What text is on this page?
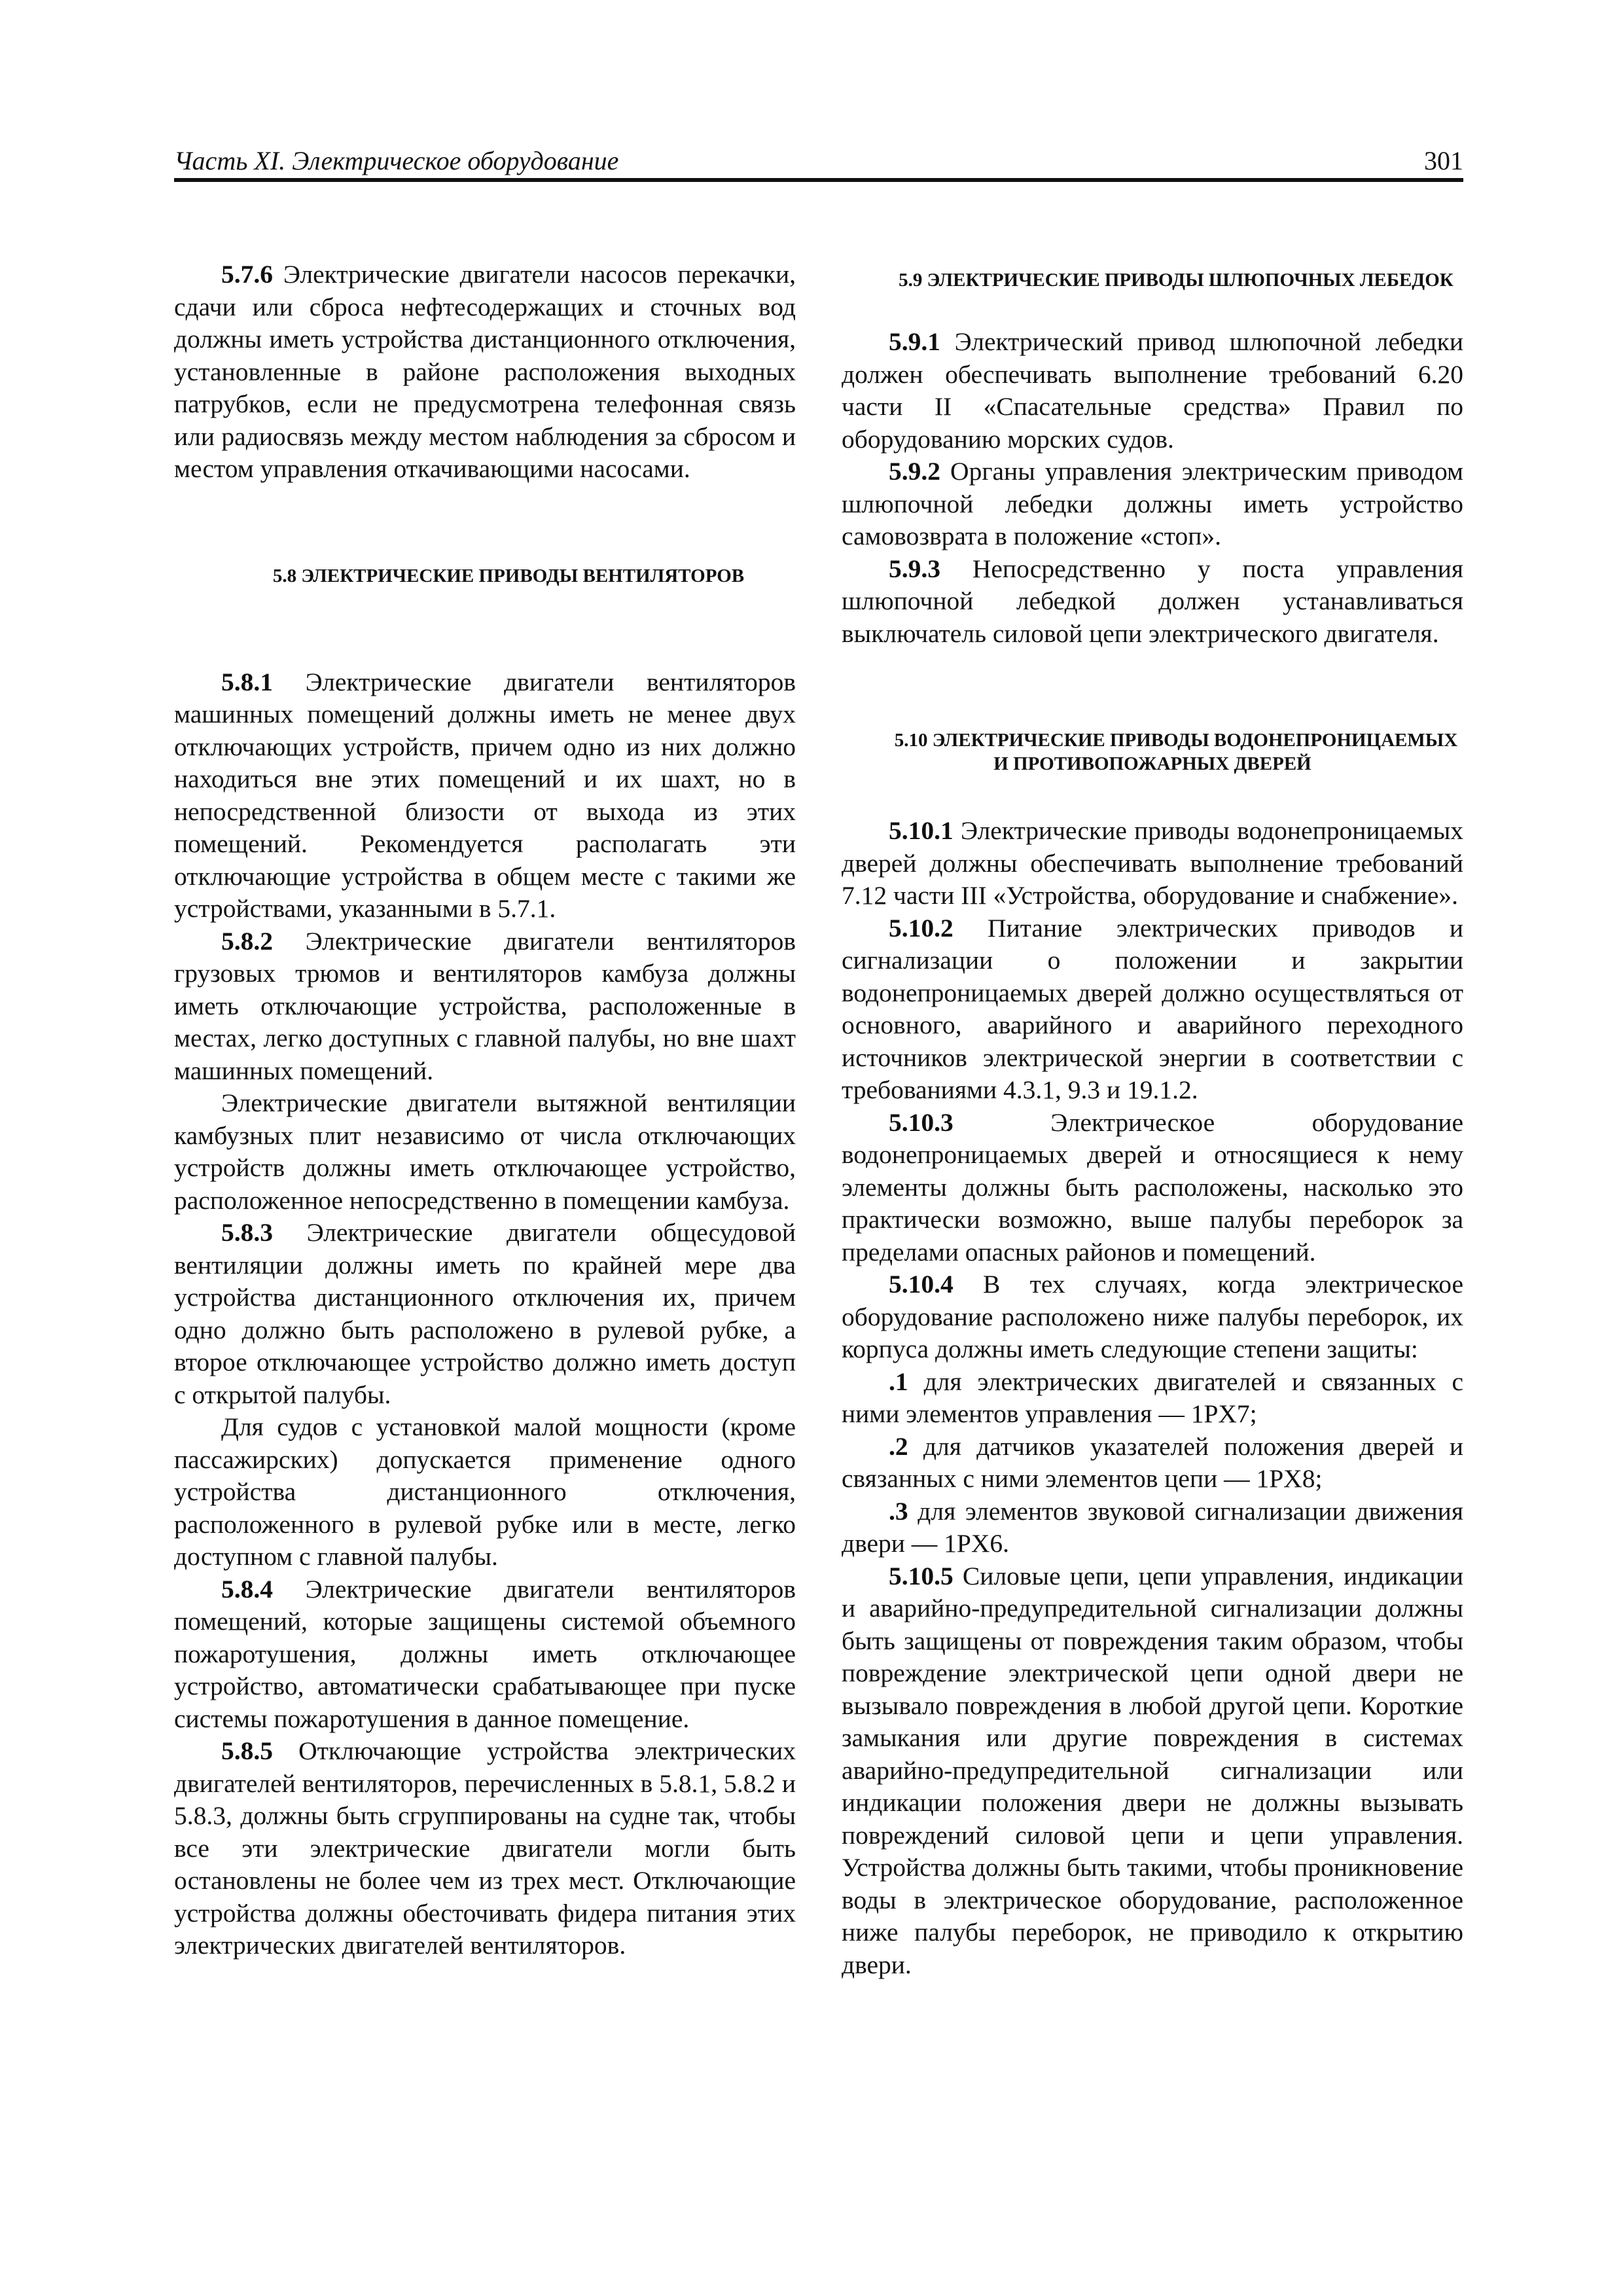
Часть XI. Электрическое оборудование	301

5.7.6 Электрические двигатели насосов перекачки, сдачи или сброса нефтесодержащих и сточных вод должны иметь устройства дистанционного отключения, установленные в районе расположения выходных патрубков, если не предусмотрена телефонная связь или радиосвязь между местом наблюдения за сбросом и местом управления откачивающими насосами.

5.8 ЭЛЕКТРИЧЕСКИЕ ПРИВОДЫ ВЕНТИЛЯТОРОВ

5.8.1 Электрические двигатели вентиляторов машинных помещений должны иметь не менее двух отключающих устройств, причем одно из них должно находиться вне этих помещений и их шахт, но в непосредственной близости от выхода из этих помещений. Рекомендуется располагать эти отключающие устройства в общем месте с такими же устройствами, указанными в 5.7.1.

5.8.2 Электрические двигатели вентиляторов грузовых трюмов и вентиляторов камбуза должны иметь отключающие устройства, расположенные в местах, легко доступных с главной палубы, но вне шахт машинных помещений.

Электрические двигатели вытяжной вентиляции камбузных плит независимо от числа отключающих устройств должны иметь отключающее устройство, расположенное непосредственно в помещении камбуза.

5.8.3 Электрические двигатели общесудовой вентиляции должны иметь по крайней мере два устройства дистанционного отключения их, причем одно должно быть расположено в рулевой рубке, а второе отключающее устройство должно иметь доступ с открытой палубы.

Для судов с установкой малой мощности (кроме пассажирских) допускается применение одного устройства дистанционного отключения, расположенного в рулевой рубке или в месте, легко доступном с главной палубы.

5.8.4 Электрические двигатели вентиляторов помещений, которые защищены системой объемного пожаротушения, должны иметь отключающее устройство, автоматически срабатывающее при пуске системы пожаротушения в данное помещение.

5.8.5 Отключающие устройства электрических двигателей вентиляторов, перечисленных в 5.8.1, 5.8.2 и 5.8.3, должны быть сгруппированы на судне так, чтобы все эти электрические двигатели могли быть остановлены не более чем из трех мест. Отключающие устройства должны обесточивать фидера питания этих электрических двигателей вентиляторов.

5.9 ЭЛЕКТРИЧЕСКИЕ ПРИВОДЫ ШЛЮПОЧНЫХ ЛЕБЕДОК

5.9.1 Электрический привод шлюпочной лебедки должен обеспечивать выполнение требований 6.20 части II «Спасательные средства» Правил по оборудованию морских судов.

5.9.2 Органы управления электрическим приводом шлюпочной лебедки должны иметь устройство самовозврата в положение «стоп».

5.9.3 Непосредственно у поста управления шлюпочной лебедкой должен устанавливаться выключатель силовой цепи электрического двигателя.

5.10 ЭЛЕКТРИЧЕСКИЕ ПРИВОДЫ ВОДОНЕПРОНИЦАЕМЫХ И ПРОТИВОПОЖАРНЫХ ДВЕРЕЙ

5.10.1 Электрические приводы водонепроницаемых дверей должны обеспечивать выполнение требований 7.12 части III «Устройства, оборудование и снабжение».

5.10.2 Питание электрических приводов и сигнализации о положении и закрытии водонепроницаемых дверей должно осуществляться от основного, аварийного и аварийного переходного источников электрической энергии в соответствии с требованиями 4.3.1, 9.3 и 19.1.2.

5.10.3 Электрическое оборудование водонепроницаемых дверей и относящиеся к нему элементы должны быть расположены, насколько это практически возможно, выше палубы переборок за пределами опасных районов и помещений.

5.10.4 В тех случаях, когда электрическое оборудование расположено ниже палубы переборок, их корпуса должны иметь следующие степени защиты:

.1 для электрических двигателей и связанных с ними элементов управления — 1PX7;

.2 для датчиков указателей положения дверей и связанных с ними элементов цепи — 1PX8;

.3 для элементов звуковой сигнализации движения двери — 1PX6.

5.10.5 Силовые цепи, цепи управления, индикации и аварийно-предупредительной сигнализации должны быть защищены от повреждения таким образом, чтобы повреждение электрической цепи одной двери не вызывало повреждения в любой другой цепи. Короткие замыкания или другие повреждения в системах аварийно-предупредительной сигнализации или индикации положения двери не должны вызывать повреждений силовой цепи и цепи управления. Устройства должны быть такими, чтобы проникновение воды в электрическое оборудование, расположенное ниже палубы переборок, не приводило к открытию двери.
